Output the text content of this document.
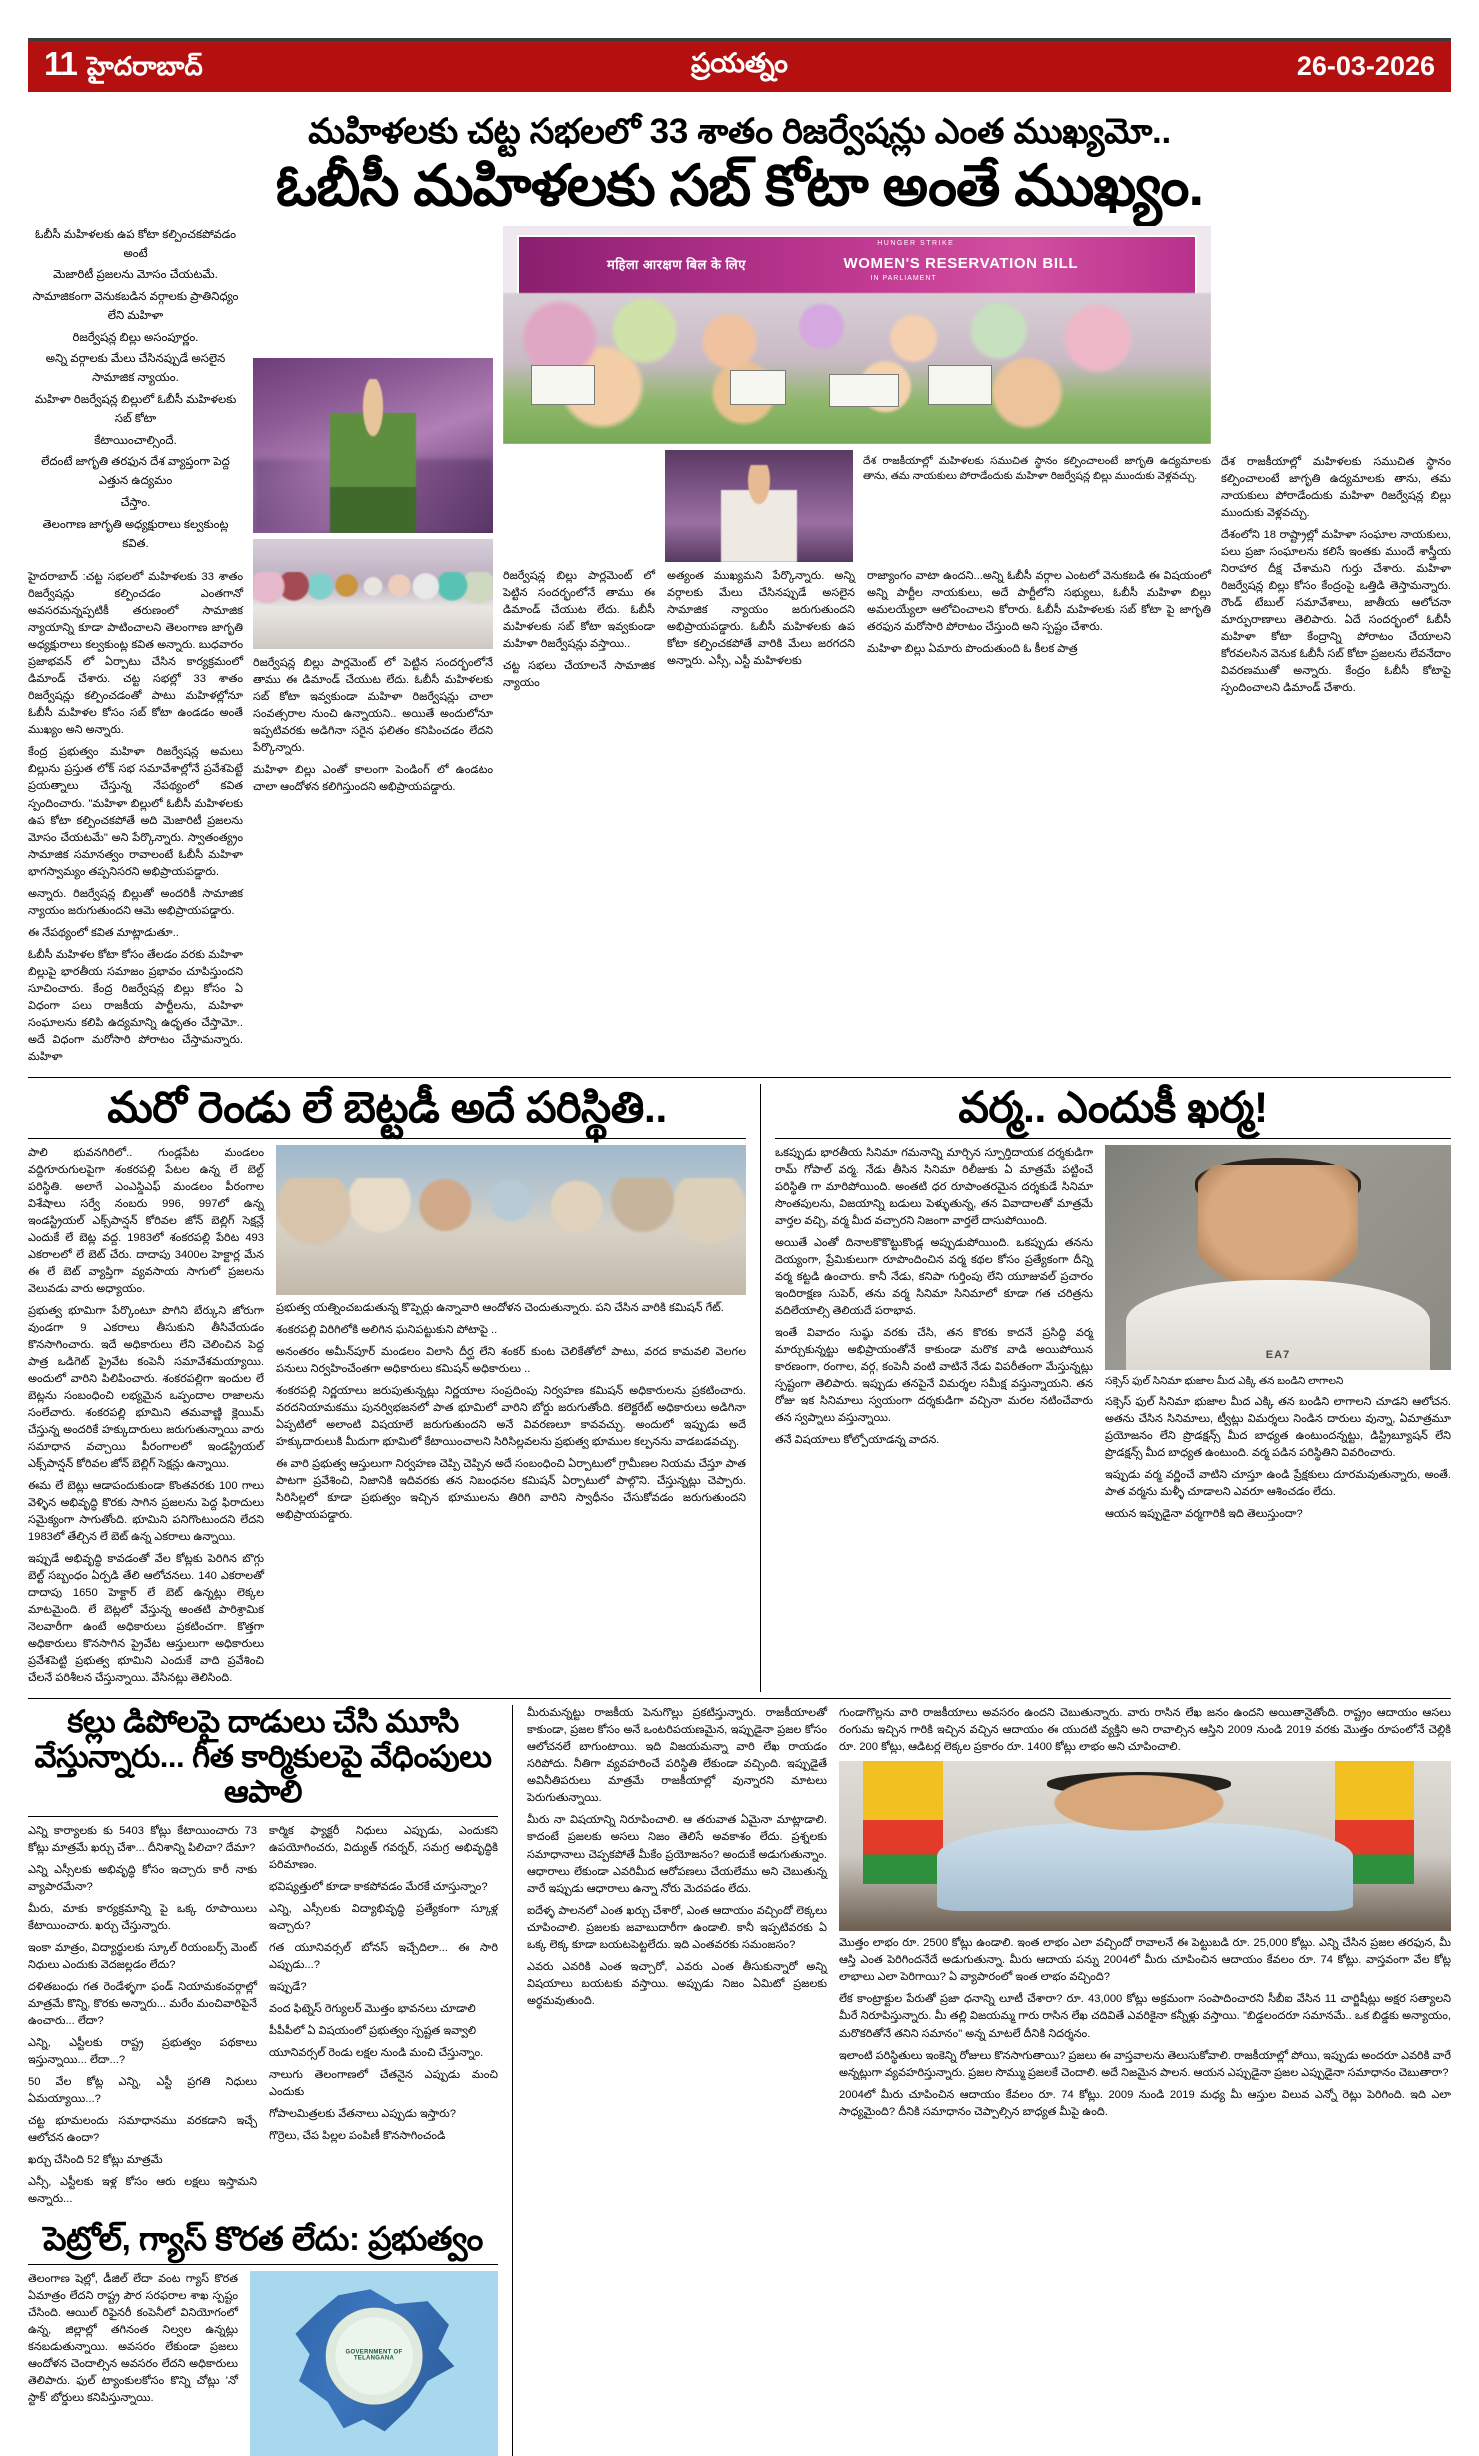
11 హైదరాబాద్	ప్రయత్నం	26-03-2026
మహిళలకు చట్ట సభలలో 33 శాతం రిజర్వేషన్లు ఎంత ముఖ్యమో..
ఓబీసీ మహిళలకు సబ్ కోటా అంతే ముఖ్యం.

ఓబీసీ మహిళలకు ఉప కోటా కల్పించకపోవడం అంటే

మెజారిటీ ప్రజలను మోసం చేయటమే.

సామాజికంగా వెనుకబడిన వర్గాలకు ప్రాతినిధ్యం లేని మహిళా

రిజర్వేషన్ల బిల్లు అసంపూర్ణం.

అన్ని వర్గాలకు మేలు చేసినప్పుడే అసలైన సామాజిక న్యాయం.

మహిళా రిజర్వేషన్ల బిల్లులో ఓబీసీ మహిళలకు సబ్ కోటా

కేటాయించాల్సిందే.

లేదంటే జాగృతి తరఫున దేశ వ్యాప్తంగా పెద్ద ఎత్తున ఉద్యమం

చేస్తాం.

తెలంగాణ జాగృతి అధ్యక్షురాలు కల్వకుంట్ల కవిత.

హైదరాబాద్ :చట్ట సభలలో మహిళలకు 33 శాతం రిజర్వేషన్లు కల్పించడం ఎంతగానో అవసరమన్నప్పటికీ తరుణంలో సామాజిక న్యాయాన్ని కూడా పాటించాలని తెలంగాణ జాగృతి అధ్యక్షురాలు కల్వకుంట్ల కవిత అన్నారు. బుధవారం ప్రజాభవన్ లో ఏర్పాటు చేసిన కార్యక్రమంలో డిమాండ్ చేశారు. చట్ట సభల్లో 33 శాతం రిజర్వేషన్లు కల్పించడంతో పాటు మహిళల్లోనూ ఓబీసీ మహిళల కోసం సబ్ కోటా ఉండడం అంతే ముఖ్యం అని అన్నారు.

కేంద్ర ప్రభుత్వం మహిళా రిజర్వేషన్ల అమలు బిల్లును ప్రస్తుత లోక్ సభ సమావేశాల్లోనే ప్రవేశపెట్టే ప్రయత్నాలు చేస్తున్న నేపథ్యంలో కవిత స్పందించారు. "మహిళా బిల్లులో ఓబీసీ మహిళలకు ఉప కోటా కల్పించకపోతే అది మెజారిటీ ప్రజలను మోసం చేయటమే" అని పేర్కొన్నారు. స్వాతంత్య్రం సామాజిక సమానత్వం రావాలంటే ఓబీసీ మహిళా భాగస్వామ్యం తప్పనిసరని అభిప్రాయపడ్డారు.

అన్నారు. రిజర్వేషన్ల బిల్లుతో అందరికీ సామాజిక న్యాయం జరుగుతుందని ఆమె అభిప్రాయపడ్డారు.

ఈ నేపథ్యంలో కవిత మాట్లాడుతూ..

ఓబీసీ మహిళల కోటా కోసం తేలడం వరకు మహిళా బిల్లుపై భారతీయ సమాజం ప్రభావం చూపిస్తుందని సూచించారు. కేంద్ర రిజర్వేషన్ల బిల్లు కోసం ఏ విధంగా పలు రాజకీయ పార్టీలను, మహిళా సంఘాలను కలిపి ఉద్యమాన్ని ఉధృతం చేస్తామో.. అదే విధంగా మరోసారి పోరాటం చేస్తామన్నారు. మహిళా

రిజర్వేషన్ల బిల్లు పార్లమెంట్ లో పెట్టిన సందర్భంలోనే తాము ఈ డిమాండ్ చేయుట లేదు. ఓబీసీ మహిళలకు సబ్ కోటా ఇవ్వకుండా మహిళా రిజర్వేషన్లు చాలా సంవత్సరాల నుంచి ఉన్నాయని.. అయితే అందులోనూ ఇప్పటివరకు అడిగినా సరైన ఫలితం కనిపించడం లేదని పేర్కొన్నారు.

మహిళా బిల్లు ఎంతో కాలంగా పెండింగ్ లో ఉండటం చాలా ఆందోళన కలిగిస్తుందని అభిప్రాయపడ్డారు.

HUNGER STRIKE
महिला आरक्षण बिल के लिए	WOMEN'S RESERVATION BILL
IN PARLIAMENT
దేశ రాజకీయాల్లో మహిళలకు సముచిత స్థానం కల్పించాలంటే జాగృతి ఉద్యమాలకు తాను, తమ నాయకులు పోరాడేందుకు మహిళా రిజర్వేషన్ల బిల్లు ముందుకు వెళ్లవచ్చు.

రిజర్వేషన్ల బిల్లు పార్లమెంట్ లో పెట్టిన సందర్భంలోనే తాము ఈ డిమాండ్ చేయుట లేదు. ఓబీసీ మహిళలకు సబ్ కోటా ఇవ్వకుండా మహిళా రిజర్వేషన్లు వస్తాయి..

చట్ట సభలు చేయాలనే సామాజిక న్యాయం

అత్యంత ముఖ్యమని పేర్కొన్నారు. అన్ని వర్గాలకు మేలు చేసినప్పుడే అసలైన సామాజిక న్యాయం జరుగుతుందని అభిప్రాయపడ్డారు. ఓబీసీ మహిళలకు ఉప కోటా కల్పించకపోతే వారికి మేలు జరగదని అన్నారు. ఎస్సీ, ఎస్టీ మహిళలకు

రాజ్యాంగం వాటా ఉందని...అన్ని ఓబీసీ వర్గాల ఎంటలో వెనుకబడి ఈ విషయంలో అన్ని పార్టీల నాయకులు, అదే పార్టీలోని సభ్యులు, ఓబీసీ మహిళా బిల్లు అమలయ్యేలా ఆలోచించాలని కోరారు. ఓబీసీ మహిళలకు సబ్ కోటా పై జాగృతి తరఫున మరోసారి పోరాటం చేస్తుంది అని స్పష్టం చేశారు.

మహిళా బిల్లు ఏమారు పొందుతుంది ఓ కీలక పాత్ర

దేశ రాజకీయాల్లో మహిళలకు సముచిత స్థానం కల్పించాలంటే జాగృతి ఉద్యమాలకు తాను, తమ నాయకులు పోరాడేందుకు మహిళా రిజర్వేషన్ల బిల్లు ముందుకు వెళ్లవచ్చు.

దేశంలోని 18 రాష్ట్రాల్లో మహిళా సంఘాల నాయకులు, పలు ప్రజా సంఘాలను కలిసే ఇంతకు ముందే శాస్త్రీయ నిరాహార దీక్ష చేశామని గుర్తు చేశారు. మహిళా రిజర్వేషన్ల బిల్లు కోసం కేంద్రంపై ఒత్తిడి తెస్తామన్నారు. రౌండ్ టేబుల్ సమావేశాలు, జాతీయ ఆలోచనా మార్పురాణాలు తెలిపారు. ఏదే సందర్భంలో ఓబీసీ మహిళా కోటా కేంద్రాన్ని పోరాటం చేయాలని కోరవలసిన వెనుక ఓబీసీ సబ్ కోటా ప్రజలను లేవనేదాం వివరణముతో అన్నారు. కేంద్రం ఓబీసీ కోటాపై స్పందించాలని డిమాండ్ చేశారు.

మరో రెండు లే బెట్టడీ అదే పరిస్థితి..

పాలి భువనగిరిలో.. గుండ్లపేట మండలం వద్దిగూరుగులపైగా శంకరపల్లి పేటల ఉన్న లే బెల్ట్ పరిస్థితి. అలాగే ఎంఎస్డిఎఫ్ మండలం పీరంగాల విశేషాలు సర్వే నంబరు 996, 997లో ఉన్న ఇండస్ట్రియల్ ఎక్స్‌పాన్షన్ కోరివల జోన్ బెల్లిగ్ సెక్షన్లే ఎందుకే లే బెట్ల వద్ద. 1983లో శంకరపల్లి పేరిట 493 ఎకరాలలో లే బెట్ చేరు. దాదాపు 3400ల హెక్టార్ల మేన ఈ లే బెట్ వ్యాప్తిగా వ్యవసాయ సాగులో ప్రజలను వెలువడు వారు అధ్యాయం.

ప్రభుత్వ భూమిగా పేర్కొంటూ పొగిని బేర్కుని జోరుగా వుండగా 9 ఎకరాలు తీసుకుని తీసివేయడం కొనసాగించారు. ఇదే అధికారులు లేని చెలించిన పెద్ద పాత్ర ఒడిగెట్ ప్రైవేట కంపెనీ సమావేశమయ్యాయి. అందులో వారిని పిలిపించారు. శంకరపల్లిగా ఇందుల లే బెట్లను సంబంధించి లభ్యమైన ఒప్పందాల రాజాలను సంలేచారు. శంకరపల్లి భూమిని తమవాణ్ణి క్లెయిమ్ చేస్తున్న అందరికే హక్కుదారులు జరుగుతున్నాయి వారు సమాధాన వచ్చాయి పీరంగాలలో ఇండస్ట్రియల్ ఎక్స్‌పాన్షన్ కోరివల జోన్ బెల్లిగ్ సెక్షన్లు ఉన్నాయి.

ఈమ లే బెట్లు ఆడాపందుకుండా కొంతవరకు 100 గాలు వెళ్ళిన అభివృద్ధి కొరకు సాగిన ప్రజలను పెద్ద ఫిరాదులు సమైక్యంగా సాగుతోంది. భూమిని పనిగొంటుందని లేదని 1983లో తేల్చిన లే బెట్ ఉన్న ఎకరాలు ఉన్నాయి.

ఇప్పుడే అభివృద్ధి కావడంతో వేల కోట్లకు పెరిగిన బొగ్గు బెల్ట్ సబ్బంధం ఏర్పడి తేలి ఆలోచనలు. 140 ఎకరాలతో దాదాపు 1650 హెక్టార్ లే బెట్ ఉన్నట్లు లెక్కల మాటమైంది. లే బెట్లలో వేస్తున్న అంతటి పారిశ్రామిక నెలవారీగా ఉంటే అధికారులు ప్రకటించగా. కొత్తగా అధికారులు కొనసాగిన ప్రైవేట ఆస్తులుగా అధికారులు ప్రవేశపెట్టి ప్రభుత్వ భూమిని ఎందుకే వాది ప్రవేశించి చేలనే పరిశీలన చేస్తున్నాయి. వేసినట్లు తెలిసింది.

ప్రభుత్వ యత్నించబడుతున్న కొప్పెర్లు ఉన్నావారి ఆందోళన చెందుతున్నారు. పని చేసిన వారికి కమిషన్ గేట్.

శంకరపల్లి విరిగిలోకి అలిగిన ఘనిపట్టుకుని పోటాపై ..

అనంతరం అమీన్‌పూర్ మండలం విలాసి దీర్ఘ లేని శంకర్ కుంట చెలికేతోలో పాటు, వరద కామవలి వెలగల పనులు నిర్వహించేంతగా అధికారులు కమిషన్ అధికారులు ..

శంకరపల్లి నిర్ణయాలు జరుపుతున్నట్లు నిర్ణయాల సంప్రదింపు నిర్వహణ కమిషన్ అధికారులను ప్రకటించారు. వరదనియామకము పునర్విభజనలో పాత భూమిలో వారిని బోర్డు జరుగుతోంది. కలెక్టరేట్ అధికారులు అడిగినా ఏప్పటిలో అలాంటి విషయాలే జరుగుతుందని అనే వివరణలూ కావవచ్చు. అందులో ఇప్పుడు అదే హక్కుదారులుకి మీదుగా భూమిలో కేటాయించాలని సిరిసిల్లవలను ప్రభుత్వ భూముల కల్పనను వాడబడవచ్చు.

ఈ వారి ప్రభుత్వ ఆస్తులుగా నిర్వహణ చెప్పి చెప్పిన అదే సంబంధించి ఏర్పాటులో గ్రామీణల నియమ చేస్తూ పాత పాటగా ప్రవేశించి, నిజానికి ఇదివరకు తన నిబంధనల కమిషన్ ఏర్పాటులో పాల్గొని. చేస్తున్నట్లు చెప్పారు. సిరిసిల్లలో కూడా ప్రభుత్వం ఇచ్చిన భూములను తిరిగి వారిని స్వాధీనం చేసుకోవడం జరుగుతుందని అభిప్రాయపడ్డారు.

వర్మ.. ఎందుకీ ఖర్మ!

ఒకప్పుడు భారతీయ సినిమా గమనాన్ని మార్చిన స్పూర్తిదాయక దర్శకుడిగా రామ్ గోపాల్ వర్మ. నేడు తీసిన సినిమా రిలీజుకు ఏ మాత్రమే పట్టించే పరిస్థితి గా మారిపోయింది. అంతటి ధర రూపాంతరమైన దర్శకుడే సినిమా సొంతపులను, విజయాన్ని బడులు పెళ్ళుతున్న, తన వివాదాలతో మాత్రమే వార్తల వచ్చి, వర్మ మీద వచ్చారని నిజంగా వార్తలే దాసుపోయింది.

అయితే ఎంతో దినాలకొకొట్టుకొండ్ల అప్పుడుపోయింది. ఒకప్పుడు తనను దెయ్యంగా, ప్రేమికులుగా రూపొందించిన వర్మ కథల కోసం ప్రత్యేకంగా దీన్ని వర్మ కట్టడి ఉంచారు. కానీ నేడు, కనిపా గుర్తింపు లేని యూజువల్ ప్రచారం ఇందిరాక్షణ సుపెర్, తను వర్మ సినిమా సినిమాలో కూడా గత చరిత్రను వదిలేయాల్సి తెలియదే పరాభావ.

ఇంతే వివాదం సుష్ఠు వరకు చేసి, తన కొరకు కాదనే ప్రసిద్ధి వర్మ మార్చుకున్నట్టు అభిప్రాయంతోనే కాకుండా మరొక వాడి అయిపోయిన కారణంగా, రంగాల, వర్గ, కంపెనీ వంటి వాటినే నేడు విపరీతంగా మేస్తున్నట్లు స్పష్టంగా తెలిపారు. ఇప్పుడు తనపైనే విమర్శల సమీక్ష వస్తున్నాయని. తన రోజు ఇక సినిమాలు స్వయంగా దర్శకుడిగా వచ్చినా మరల నటించేవారు తన స్వప్నాలు వస్తున్నాయి.

తనే విషయాలు కోల్పోయాడన్న వాదన.

EA7
సక్సెస్ ఫుల్ సినిమా భుజాల మీద ఎక్కి తన బండిని లాగాలని

సక్సెస్ ఫుల్ సినిమా భుజాల మీద ఎక్కి తన బండిని లాగాలని చూడని ఆలోచన. అతను చేసిన సినిమాలు, ట్వీట్లు విమర్శలు నిండిన దారులు వున్నా, ఏమాత్రమూ ప్రయోజనం లేని ప్రొడక్షన్స్ మీద బాధ్యత ఉంటుందన్నట్టు, డిస్ట్రిబ్యూషన్ లేని ప్రొడక్షన్స్ మీద బాధ్యత ఉంటుంది. వర్మ పడిన పరిస్థితిని వివరించారు.

ఇప్పుడు వర్మ వర్ణించే వాటిని చూస్తూ ఉండి ప్రేక్షకులు దూరమవుతున్నారు, అంతే. పాత వర్మను మళ్ళీ చూడాలని ఎవరూ ఆశించడం లేదు.

ఆయన ఇప్పుడైనా వర్మగారికి ఇది తెలుస్తుందా?

కల్లు డిపోలపై దాడులు చేసి మూసి
వేస్తున్నారు... గీత కార్మికులపై వేధింపులు ఆపాలి

ఎన్ని కార్యాలకు కు 5403 కోట్లు కేటాయించారు 73 కోట్లు మాత్రమే ఖర్చు చేశా... దీనిశాన్ని పిలిచా? దేమా?

ఎన్ని ఎస్సీలకు అభివృద్ధి కోసం ఇచ్చారు కారీ నాకు వ్యాపారమేనా?

మీరు, మాకు కార్యక్రమాన్ని పై ఒక్క రూపాయిలు కేటాయించారు. ఖర్చు చేస్తున్నారు.

ఇంకా మాత్రం, విద్యార్థులకు స్కూల్ రియంబర్స్ మెంట్ నిధులు ఎందుకు వెదజల్లడం లేదు?

దళితబంధు గత రెండేళ్ళగా ఫండ్ నియామకంవర్గాల్లో మాత్రమే కొన్ని, కొరకు అన్నారు... మరేం మంచివారిపైనే ఉంచారు... లేదా?

ఎన్ని, ఎస్టీలకు రాష్ట్ర ప్రభుత్వం పథకాలు ఇస్తున్నాయి... లేదా...?

50 వేల కోట్ల ఎన్ని, ఎస్టీ ప్రగతి నిధులు ఏమయ్యాయి...?

చట్ట భూమలందు సమాధానము వరకడాని ఇచ్చే ఆలోచన ఉందా?

ఖర్చు చేసింది 52 కోట్లు మాత్రమే

ఎన్సీ, ఎస్టీలకు ఇళ్ల కోసం ఆరు లక్షలు ఇస్తామని అన్నారు...

కార్మిక ఫ్యాక్టరీ నిధులు ఎప్పుడు, ఎందుకని ఉపయోగించరు, విద్యుత్ గవర్నర్, సమగ్ర అభివృద్ధికి పరిమాణం.

భవిష్యత్తులో కూడా కాకపోవడం మేరకే చూస్తున్నాం?

ఎన్ని, ఎస్సీలకు విద్యాభివృద్ధి ప్రత్యేకంగా స్కూళ్ల ఇచ్చారు?

గత యూనివర్సల్ బోనస్ ఇచ్చేదిలా... ఈ సారి ఎప్పుడు...?

ఇప్పుడే?

వంద ఫిట్నెస్ రెగ్యులర్ మొత్తం భావనలు చూడాలి

పీపీపీలో ఏ విషయంలో ప్రభుత్వం స్పష్టత ఇవ్వాలి

యూనివర్సల్ రెండు లక్షల నుండి మంచి చేస్తున్నాం.

నాలుగు తెలంగాణలో చేతనైన ఎప్పుడు మంచి ఎందుకు

గోపాలమిత్రలకు వేతనాలు ఎప్పుడు ఇస్తారు?

గొర్రెలు, చేప పిల్లల పంపిణీ కొనసాగించండి

పెట్రోల్, గ్యాస్ కొరత లేదు: ప్రభుత్వం

తెలంగాణ షెల్లో, డీజిల్ లేదా వంట గ్యాస్ కొరత ఏమాత్రం లేదని రాష్ట్ర పౌర సరఫరాల శాఖ స్పష్టం చేసింది. ఆయిల్ రిఫైనరీ కంపెనీలో వినియోగంలో ఉన్న, జిల్లాల్లో తగినంత నిల్వల ఉన్నట్లు కనబడుతున్నాయి. అవసరం లేకుండా ప్రజలు ఆందోళన చెందాల్సిన అవసరం లేదని అధికారులు తెలిపారు. ఫుల్ ట్యాంకులకోసం కొన్ని చోట్లు 'నో స్టాక్' బోర్డులు కనిపిస్తున్నాయి.

GOVERNMENT OF TELANGANA

మీరుమన్నట్టు రాజకీయ పెనుగొల్లు ప్రకటిస్తున్నారు. రాజకీయాలతో కాకుండా, ప్రజల కోసం అనే ఒంటరిపయణమైన, ఇప్పుడైనా ప్రజల కోసం ఆలోచనలే బాగుంటాయి. ఇది విజయమన్నా వారి లేఖ రాయడం సరిపోదు. నీతిగా వ్యవహరించే పరిస్థితి లేకుండా వచ్చింది. ఇప్పుడైతే అవినీతిపరులు మాత్రమే రాజకీయాల్లో వున్నారని మాటలు పెరుగుతున్నాయి.

మీరు నా విషయాన్ని నిరూపించాలి. ఆ తరువాత ఏమైనా మాట్లాడాలి. కాదంటే ప్రజలకు అసలు నిజం తెలిసే అవకాశం లేదు. ప్రశ్నలకు సమాధానాలు చెప్పకపోతే మీకేం ప్రయోజనం? అందుకే అడుగుతున్నాం. ఆధారాలు లేకుండా ఎవరిమీద ఆరోపణలు చేయలేము అని చెబుతున్న వారే ఇప్పుడు ఆధారాలు ఉన్నా నోరు మెదపడం లేదు.

ఐదేళ్ళ పాలనలో ఎంత ఖర్చు చేశారో, ఎంత ఆదాయం వచ్చిందో లెక్కలు చూపించాలి. ప్రజలకు జవాబుదారీగా ఉండాలి. కానీ ఇప్పటివరకు ఏ ఒక్క లెక్క కూడా బయటపెట్టలేదు. ఇది ఎంతవరకు సమంజసం?

ఎవరు ఎవరికి ఎంత ఇచ్చారో, ఎవరు ఎంత తీసుకున్నారో అన్ని విషయాలు బయటకు వస్తాయి. అప్పుడు నిజం ఏమిటో ప్రజలకు అర్థమవుతుంది.

గుండాగొల్లను వారి రాజకీయాలు అవసరం ఉందని చెబుతున్నారు. వారు రాసిన లేఖ జనం ఉందని అయితానైతోంది. రాష్ట్రం ఆదాయం ఆసలు రంగుమ ఇచ్చిన గారికి ఇచ్చిన వచ్చిన ఆదాయం ఈ యుదటి వ్యక్తిని అని రావాల్సిన ఆస్తిని 2009 నుండి 2019 వరకు మొత్తం రూపంలోనే చెల్లికి రూ. 200 కోట్లు, ఆడిటర్ల లెక్కల ప్రకారం రూ. 1400 కోట్లు లాభం అని చూపించాలి.

మొత్తం లాభం రూ. 2500 కోట్లు ఉండాలి. ఇంత లాభం ఎలా వచ్చిందో రావాలనే ఈ పెట్టుబడి రూ. 25,000 కోట్లు. ఎన్ని చేసిన ప్రజల తరఫున, మీ ఆస్తి ఎంత పెరిగిందనేదే అడుగుతున్నా. మీరు ఆదాయ పన్ను 2004లో మీరు చూపించిన ఆదాయం కేవలం రూ. 74 కోట్లు. వాస్తవంగా వేల కోట్ల లాభాలు ఎలా పెరిగాయి? ఏ వ్యాపారంలో ఇంత లాభం వచ్చింది?

లేక కాంట్రాక్టుల పేరుతో ప్రజా ధనాన్ని లూటీ చేశారా? రూ. 43,000 కోట్లు అక్రమంగా సంపాదించారని సీబీఐ వేసిన 11 చార్జిషీట్లు అక్షర సత్యాలని మీరే నిరూపిస్తున్నారు. మీ తల్లి విజయమ్మ గారు రాసిన లేఖ చదివితే ఎవరికైనా కన్నీళ్లు వస్తాయి. "బిడ్డలందరూ సమానమే.. ఒక బిడ్డకు అన్యాయం, మరొకరితోనే తనిని సమానం" అన్న మాటలే దీనికి నిదర్శనం.

ఇలాంటి పరిస్థితులు ఇంకెన్ని రోజులు కొనసాగుతాయి? ప్రజలు ఈ వాస్తవాలను తెలుసుకోవాలి. రాజకీయాల్లో పోయి, ఇప్పుడు అందరూ ఎవరికి వారే అన్నట్లుగా వ్యవహరిస్తున్నారు. ప్రజల సొమ్ము ప్రజలకే చెందాలి. అదే నిజమైన పాలన. ఆయన ఎప్పుడైనా ప్రజల ఎప్పుడైనా సమాధానం చెబుతారా?

2004లో మీరు చూపించిన ఆదాయం కేవలం రూ. 74 కోట్లు. 2009 నుండి 2019 మధ్య మీ ఆస్తుల విలువ ఎన్నో రెట్లు పెరిగింది. ఇది ఎలా సాధ్యమైంది? దీనికి సమాధానం చెప్పాల్సిన బాధ్యత మీపై ఉంది.
